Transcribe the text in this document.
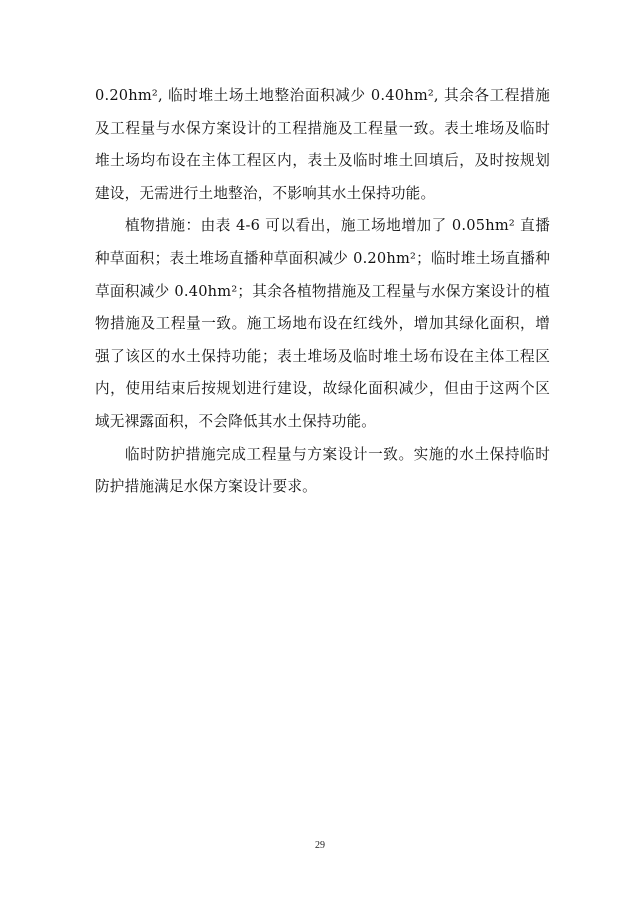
0.20hm², 临时堆土场土地整治面积减少 0.40hm², 其余各工程措施及工程量与水保方案设计的工程措施及工程量一致。表土堆场及临时堆土场均布设在主体工程区内，表土及临时堆土回填后，及时按规划建设，无需进行土地整治，不影响其水土保持功能。

植物措施：由表 4-6 可以看出，施工场地增加了 0.05hm² 直播种草面积；表土堆场直播种草面积减少 0.20hm²；临时堆土场直播种草面积减少 0.40hm²；其余各植物措施及工程量与水保方案设计的植物措施及工程量一致。施工场地布设在红线外，增加其绿化面积，增强了该区的水土保持功能；表土堆场及临时堆土场布设在主体工程区内，使用结束后按规划进行建设，故绿化面积减少，但由于这两个区域无裸露面积，不会降低其水土保持功能。

临时防护措施完成工程量与方案设计一致。实施的水土保持临时防护措施满足水保方案设计要求。

29
